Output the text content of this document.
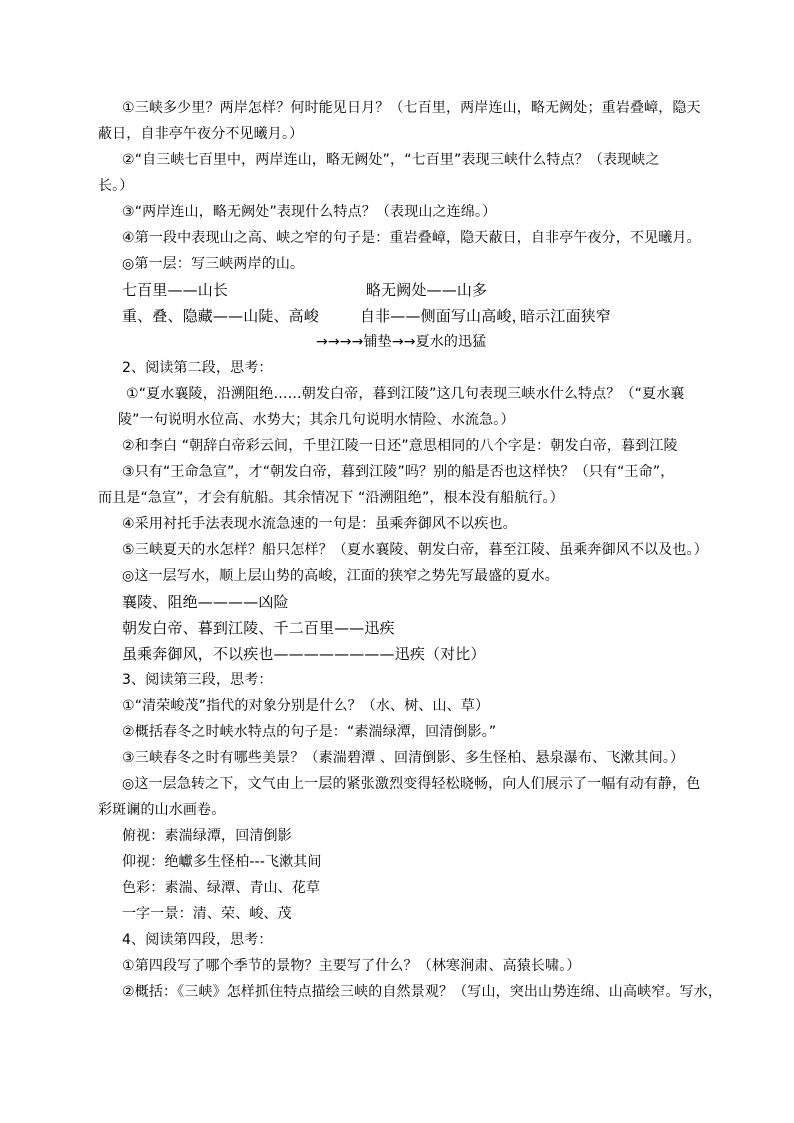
①三峡多少里？两岸怎样？何时能见日月？（七百里，两岸连山，略无阙处；重岩叠嶂，隐天
蔽日，自非亭午夜分不见曦月。）
②“自三峡七百里中，两岸连山，略无阙处”，“七百里”表现三峡什么特点？（表现峡之
长。）
③“两岸连山，略无阙处”表现什么特点？（表现山之连绵。）
④第一段中表现山之高、峡之窄的句子是：重岩叠嶂，隐天蔽日，自非亭午夜分，不见曦月。
◎第一层：写三峡两岸的山。
七百里——山长	略无阙处——山多
重、叠、隐藏——山陡、高峻	自非——侧面写山高峻，
暗示江面狭窄
→→→→铺垫→→夏水的迅猛
2、阅读第二段，思考：
①“夏水襄陵，沿溯阻绝……朝发白帝，暮到江陵”这几句表现三峡水什么特点？（“夏水襄
陵”一句说明水位高、水势大；其余几句说明水情险、水流急。）
②和李白 “朝辞白帝彩云间，千里江陵一日还”意思相同的八个字是：朝发白帝，暮到江陵
③只有“王命急宣”，才“朝发白帝，暮到江陵”吗？别的船是否也这样快？（只有“王命”，
而且是“急宣”，才会有航船。其余情况下 “沿溯阻绝”，根本没有船航行。）
④采用衬托手法表现水流急速的一句是：虽乘奔御风不以疾也。
⑤三峡夏天的水怎样？船只怎样？（夏水襄陵、朝发白帝，暮至江陵、虽乘奔御风不以及也。）
◎这一层写水，顺上层山势的高峻，江面的狭窄之势先写最盛的夏水。
襄陵、阻绝————凶险
朝发白帝、暮到江陵、千二百里——迅疾
虽乘奔御风，不以疾也————————迅疾（对比）
3、阅读第三段，思考：
①“清荣峻茂”指代的对象分别是什么？（水、树、山、草）
②概括春冬之时峡水特点的句子是：“素湍绿潭，回清倒影。”
③三峡春冬之时有哪些美景？（素湍碧潭 、回清倒影、多生怪柏、悬泉瀑布、飞漱其间。）
◎这一层急转之下，文气由上一层的紧张激烈变得轻松晓畅，向人们展示了一幅有动有静，色
彩斑谰的山水画卷。
俯视：素湍绿潭，回清倒影
仰视：绝巘多生怪柏---飞漱其间
色彩：素湍、绿潭、青山、花草
一字一景：清、荣、峻、茂
4、阅读第四段，思考：
①第四段写了哪个季节的景物？主要写了什么？（林寒涧肃、高猿长啸。）
②概括：《三峡》怎样抓住特点描绘三峡的自然景观？（写山，突出山势连绵、山高峡窄。写水，
